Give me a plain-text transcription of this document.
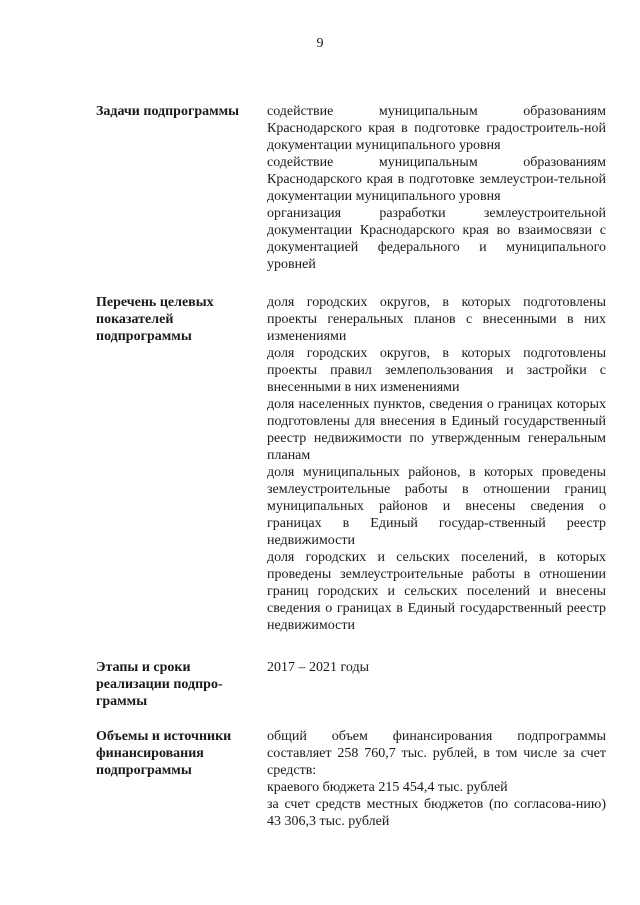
9
Задачи подпрограммы	содействие муниципальным образованиям Краснодарского края в подготовке градостроитель-ной документации муниципального уровня

содействие муниципальным образованиям Краснодарского края в подготовке землеустрои-тельной документации муниципального уровня

организация разработки землеустроительной документации Краснодарского края во взаимосвязи с документацией федерального и муниципального уровней

Перечень целевых показателей подпрограммы

доля городских округов, в которых подготовлены проекты генеральных планов с внесенными в них изменениями

доля городских округов, в которых подготовлены проекты правил землепользования и застройки с внесенными в них изменениями

доля населенных пунктов, сведения о границах которых подготовлены для внесения в Единый государственный реестр недвижимости по утвержденным генеральным планам

доля муниципальных районов, в которых проведены землеустроительные работы в отношении границ муниципальных районов и внесены сведения о границах в Единый государ-ственный реестр недвижимости

доля городских и сельских поселений, в которых проведены землеустроительные работы в отношении границ городских и сельских поселений и внесены сведения о границах в Единый государственный реестр недвижимости

Этапы и сроки реализации подпро-граммы

2017 – 2021 годы

Объемы и источники финансирования подпрограммы

общий объем финансирования подпрограммы составляет 258 760,7 тыс. рублей, в том числе за счет средств:

краевого бюджета 215 454,4 тыс. рублей

за счет средств местных бюджетов (по согласова-нию) 43 306,3 тыс. рублей
